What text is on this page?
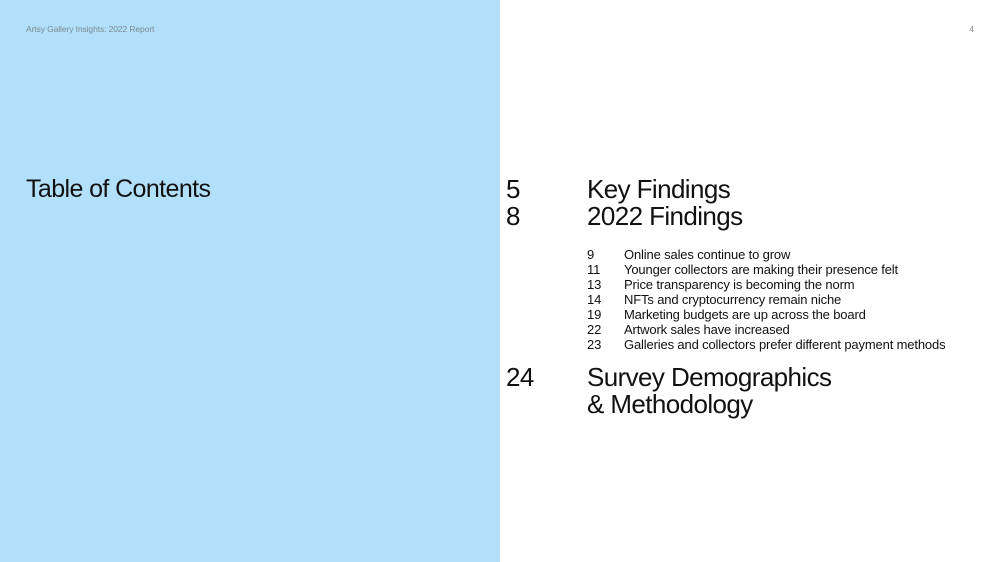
Artsy Gallery Insights: 2022 Report	4
Table of Contents	5	Key Findings
8	2022 Findings
9 Online sales continue to grow
11 Younger collectors are making their presence felt
13 Price transparency is becoming the norm
14 NFTs and cryptocurrency remain niche
19 Marketing budgets are up across the board
22 Artwork sales have increased
23 Galleries and collectors prefer different payment methods
24	Survey Demographics
& Methodology
